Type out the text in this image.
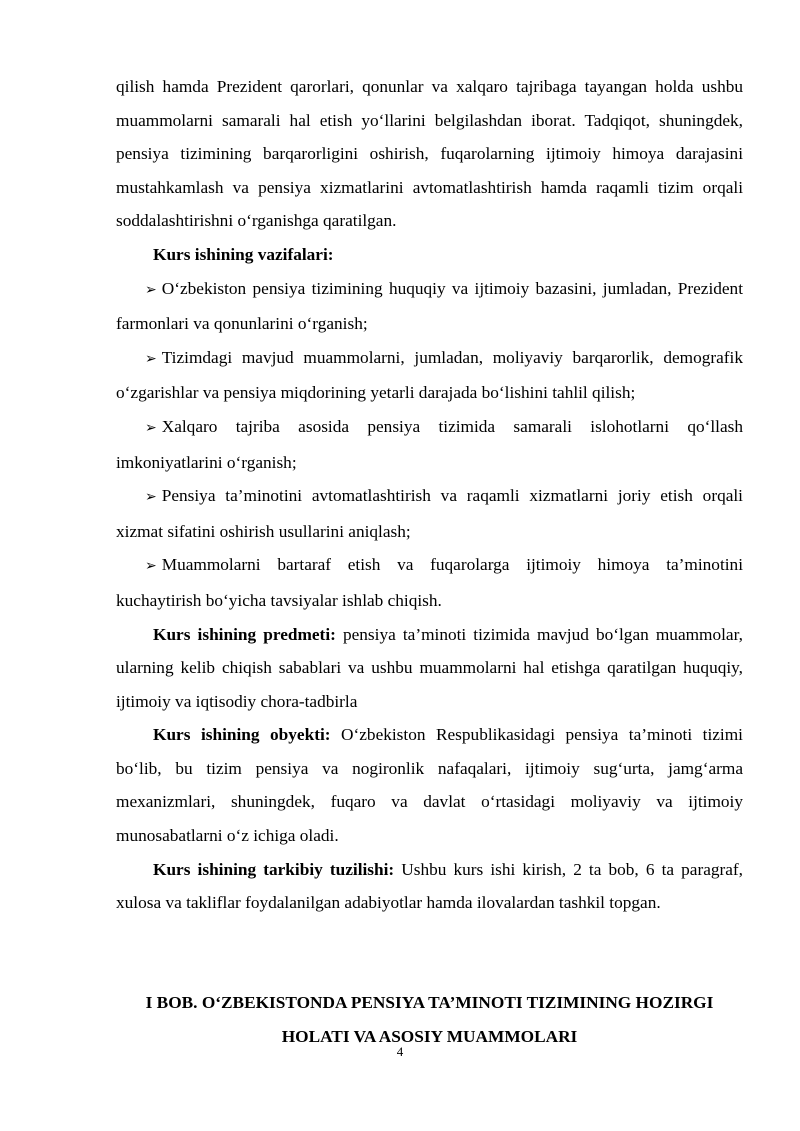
qilish hamda Prezident qarorlari, qonunlar va xalqaro tajribaga tayangan holda ushbu muammolarni samarali hal etish yo‘llarini belgilashdan iborat. Tadqiqot, shuningdek, pensiya tizimining barqarorligini oshirish, fuqarolarning ijtimoiy himoya darajasini mustahkamlash va pensiya xizmatlarini avtomatlashtirish hamda raqamli tizim orqali soddalashtirishni o‘rganishga qaratilgan.

Kurs ishining vazifalari:

➢ O‘zbekiston pensiya tizimining huquqiy va ijtimoiy bazasini, jumladan, Prezident farmonlari va qonunlarini o‘rganish;

➢ Tizimdagi mavjud muammolarni, jumladan, moliyaviy barqarorlik, demografik o‘zgarishlar va pensiya miqdorining yetarli darajada bo‘lishini tahlil qilish;

➢ Xalqaro tajriba asosida pensiya tizimida samarali islohotlarni qo‘llash imkoniyatlarini o‘rganish;

➢ Pensiya ta’minotini avtomatlashtirish va raqamli xizmatlarni joriy etish orqali xizmat sifatini oshirish usullarini aniqlash;

➢ Muammolarni bartaraf etish va fuqarolarga ijtimoiy himoya ta’minotini kuchaytirish bo‘yicha tavsiyalar ishlab chiqish.

Kurs ishining predmeti: pensiya ta’minoti tizimida mavjud bo‘lgan muammolar, ularning kelib chiqish sabablari va ushbu muammolarni hal etishga qaratilgan huquqiy, ijtimoiy va iqtisodiy chora-tadbirla

Kurs ishining obyekti: O‘zbekiston Respublikasidagi pensiya ta’minoti tizimi bo‘lib, bu tizim pensiya va nogironlik nafaqalari, ijtimoiy sug‘urta, jamg‘arma mexanizmlari, shuningdek, fuqaro va davlat o‘rtasidagi moliyaviy va ijtimoiy munosabatlarni o‘z ichiga oladi.

Kurs ishining tarkibiy tuzilishi: Ushbu kurs ishi kirish, 2 ta bob, 6 ta paragraf, xulosa va takliflar foydalanilgan adabiyotlar hamda ilovalardan tashkil topgan.

I BOB. O‘ZBEKISTONDA PENSIYA TA’MINOTI TIZIMINING HOZIRGI
HOLATI VA ASOSIY MUAMMOLARI
4
